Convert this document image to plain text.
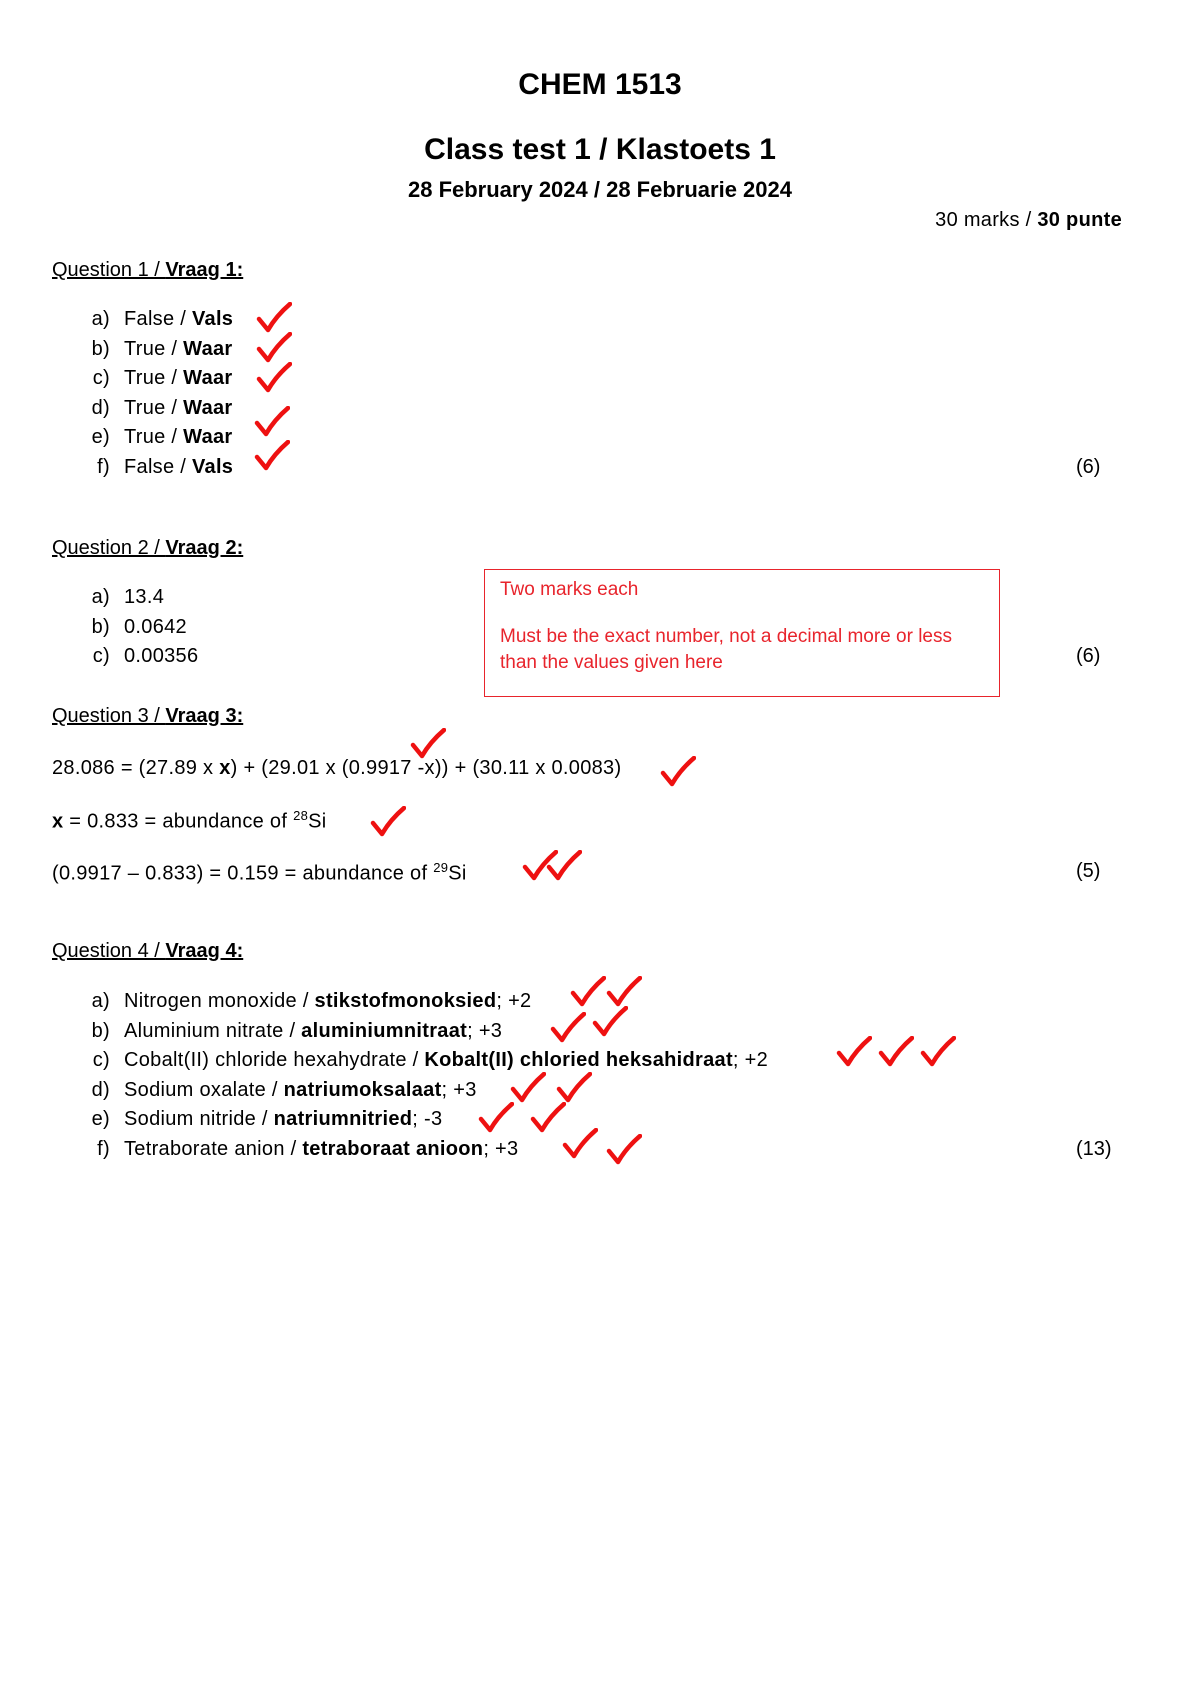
CHEM 1513
Class test 1 / Klastoets 1
28 February 2024 / 28 Februarie 2024
30 marks / 30 punte
Question 1 / Vraag 1:
a) False / Vals
b) True / Waar
c) True / Waar
d) True / Waar
e) True / Waar
f) False / Vals	(6)
Question 2 / Vraag 2:
a) 13.4
b) 0.0642
c) 0.00356	(6)
Two marks each
Must be the exact number, not a decimal more or less
than the values given here
Question 3 / Vraag 3:
28.086 = (27.89 x x) + (29.01 x (0.9917 -x)) + (30.11 x 0.0083)
x = 0.833 = abundance of $^{28}$Si
(0.9917 – 0.833) = 0.159 = abundance of $^{29}$Si	(5)
Question 4 / Vraag 4:
a) Nitrogen monoxide / stikstofmonoksied; +2
b) Aluminium nitrate / aluminiumnitraat; +3
c) Cobalt(II) chloride hexahydrate / Kobalt(II) chloried heksahidraat; +2
d) Sodium oxalate / natriumoksalaat; +3
e) Sodium nitride / natriumnitried; -3
f) Tetraborate anion / tetraboraat anioon; +3	(13)
